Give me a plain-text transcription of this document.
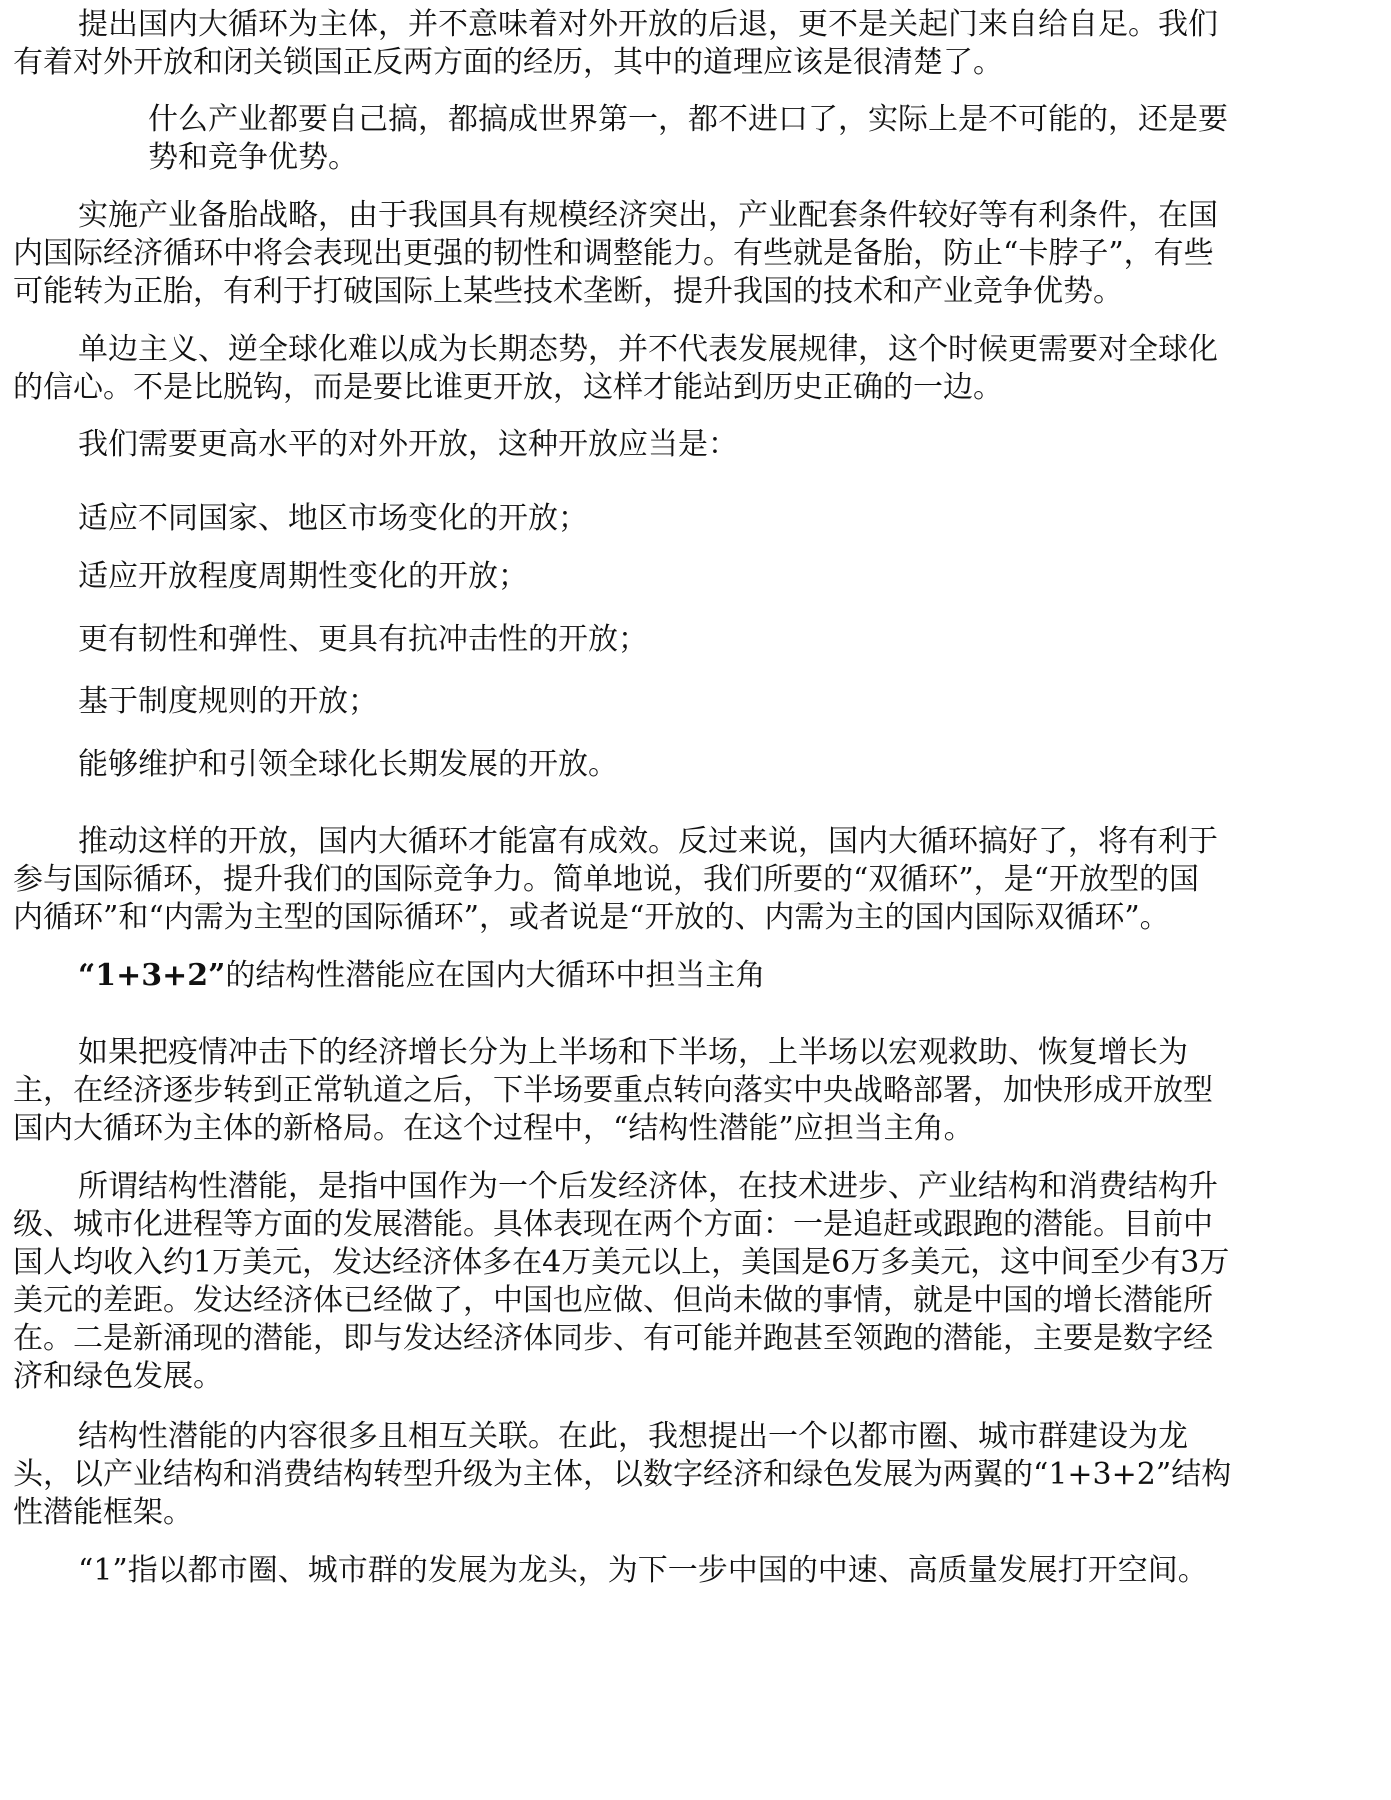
提出国内大循环为主体，并不意味着对外开放的后退，更不是关起门来自给自足。我们
有着对外开放和闭关锁国正反两方面的经历，其中的道理应该是很清楚了。
什么产业都要自己搞，都搞成世界第一，都不进口了，实际上是不可能的，还是要
势和竞争优势。
实施产业备胎战略，由于我国具有规模经济突出，产业配套条件较好等有利条件，在国
内国际经济循环中将会表现出更强的韧性和调整能力。有些就是备胎，防止“卡脖子”，有些
可能转为正胎，有利于打破国际上某些技术垄断，提升我国的技术和产业竞争优势。
单边主义、逆全球化难以成为长期态势，并不代表发展规律，这个时候更需要对全球化
的信心。不是比脱钩，而是要比谁更开放，这样才能站到历史正确的一边。
我们需要更高水平的对外开放，这种开放应当是：
适应不同国家、地区市场变化的开放；
适应开放程度周期性变化的开放；
更有韧性和弹性、更具有抗冲击性的开放；
基于制度规则的开放；
能够维护和引领全球化长期发展的开放。
推动这样的开放，国内大循环才能富有成效。反过来说，国内大循环搞好了，将有利于
参与国际循环，提升我们的国际竞争力。简单地说，我们所要的“双循环”，是“开放型的国
内循环”和“内需为主型的国际循环”，或者说是“开放的、内需为主的国内国际双循环”。
“1+3+2”的结构性潜能应在国内大循环中担当主角
如果把疫情冲击下的经济增长分为上半场和下半场，上半场以宏观救助、恢复增长为
主，在经济逐步转到正常轨道之后，下半场要重点转向落实中央战略部署，加快形成开放型
国内大循环为主体的新格局。在这个过程中，“结构性潜能”应担当主角。
所谓结构性潜能，是指中国作为一个后发经济体，在技术进步、产业结构和消费结构升
级、城市化进程等方面的发展潜能。具体表现在两个方面：一是追赶或跟跑的潜能。目前中
国人均收入约1万美元，发达经济体多在4万美元以上，美国是6万多美元，这中间至少有3万
美元的差距。发达经济体已经做了，中国也应做、但尚未做的事情，就是中国的增长潜能所
在。二是新涌现的潜能，即与发达经济体同步、有可能并跑甚至领跑的潜能，主要是数字经
济和绿色发展。
结构性潜能的内容很多且相互关联。在此，我想提出一个以都市圈、城市群建设为龙
头，以产业结构和消费结构转型升级为主体，以数字经济和绿色发展为两翼的“1+3+2”结构
性潜能框架。
“1”指以都市圈、城市群的发展为龙头，为下一步中国的中速、高质量发展打开空间。
